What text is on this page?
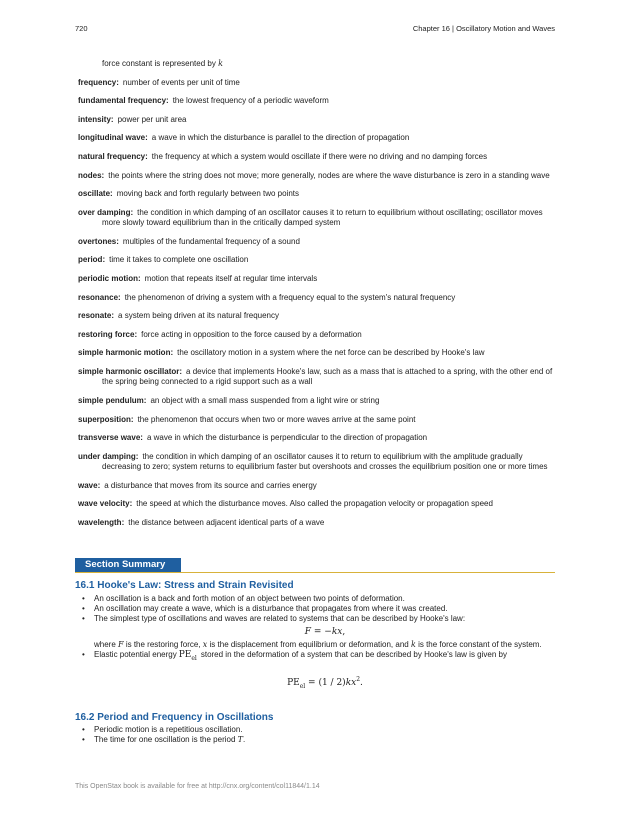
720	Chapter 16 | Oscillatory Motion and Waves
force constant is represented by k
frequency: number of events per unit of time
fundamental frequency: the lowest frequency of a periodic waveform
intensity: power per unit area
longitudinal wave: a wave in which the disturbance is parallel to the direction of propagation
natural frequency: the frequency at which a system would oscillate if there were no driving and no damping forces
nodes: the points where the string does not move; more generally, nodes are where the wave disturbance is zero in a standing wave
oscillate: moving back and forth regularly between two points
over damping: the condition in which damping of an oscillator causes it to return to equilibrium without oscillating; oscillator moves more slowly toward equilibrium than in the critically damped system
overtones: multiples of the fundamental frequency of a sound
period: time it takes to complete one oscillation
periodic motion: motion that repeats itself at regular time intervals
resonance: the phenomenon of driving a system with a frequency equal to the system's natural frequency
resonate: a system being driven at its natural frequency
restoring force: force acting in opposition to the force caused by a deformation
simple harmonic motion: the oscillatory motion in a system where the net force can be described by Hooke's law
simple harmonic oscillator: a device that implements Hooke's law, such as a mass that is attached to a spring, with the other end of the spring being connected to a rigid support such as a wall
simple pendulum: an object with a small mass suspended from a light wire or string
superposition: the phenomenon that occurs when two or more waves arrive at the same point
transverse wave: a wave in which the disturbance is perpendicular to the direction of propagation
under damping: the condition in which damping of an oscillator causes it to return to equilibrium with the amplitude gradually decreasing to zero; system returns to equilibrium faster but overshoots and crosses the equilibrium position one or more times
wave: a disturbance that moves from its source and carries energy
wave velocity: the speed at which the disturbance moves. Also called the propagation velocity or propagation speed
wavelength: the distance between adjacent identical parts of a wave
Section Summary
16.1 Hooke's Law: Stress and Strain Revisited
• An oscillation is a back and forth motion of an object between two points of deformation.
• An oscillation may create a wave, which is a disturbance that propagates from where it was created.
• The simplest type of oscillations and waves are related to systems that can be described by Hooke's law:
F = −kx,
where F is the restoring force, x is the displacement from equilibrium or deformation, and k is the force constant of the system.
• Elastic potential energy $PE_{el}$ stored in the deformation of a system that can be described by Hooke's law is given by
$PE_{el} = (1 / 2)kx^2$.
16.2 Period and Frequency in Oscillations
• Periodic motion is a repetitious oscillation.
• The time for one oscillation is the period T.
This OpenStax book is available for free at http://cnx.org/content/col11844/1.14
